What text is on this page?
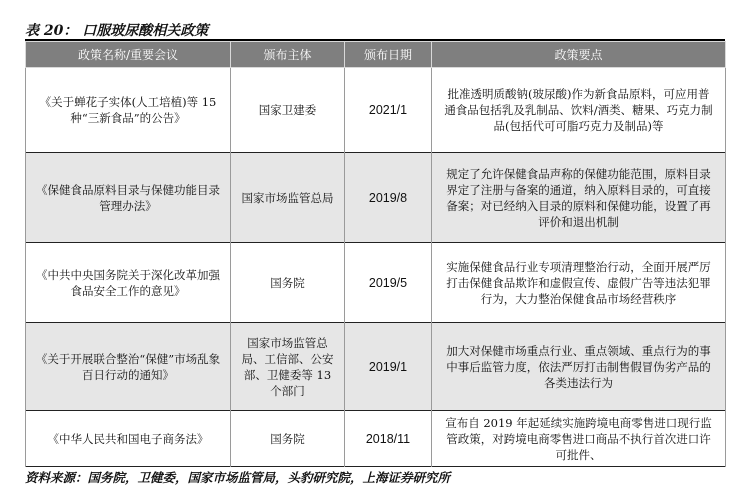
表 20： 口服玻尿酸相关政策
政策名称/重要会议	颁布主体	颁布日期	政策要点
《关于蝉花子实体(人工培植)等 15 种“三新食品”的公告》	国家卫建委	2021/1	批准透明质酸钠(玻尿酸)作为新食品原料，可应用普通食品包括乳及乳制品、饮料/酒类、糖果、巧克力制品(包括代可可脂巧克力及制品)等
《保健食品原料目录与保健功能目录管理办法》	国家市场监管总局	2019/8	规定了允许保健食品声称的保健功能范围，原料目录界定了注册与备案的通道，纳入原料目录的，可直接备案；对已经纳入目录的原料和保健功能，设置了再评价和退出机制
《中共中央国务院关于深化改革加强食品安全工作的意见》	国务院	2019/5	实施保健食品行业专项清理整治行动，全面开展严厉打击保健食品欺诈和虚假宣传、虚假广告等违法犯罪行为，大力整治保健食品市场经营秩序
《关于开展联合整治“保健”市场乱象百日行动的通知》	国家市场监管总局、工信部、公安部、卫健委等 13 个部门	2019/1	加大对保健市场重点行业、重点领域、重点行为的事中事后监管力度，依法严厉打击制售假冒伪劣产品的各类违法行为
《中华人民共和国电子商务法》	国务院	2018/11	宣布自 2019 年起延续实施跨境电商零售进口现行监管政策，对跨境电商零售进口商品不执行首次进口许可批件、
资料来源：国务院，卫健委，国家市场监管局，头豹研究院，上海证券研究所
